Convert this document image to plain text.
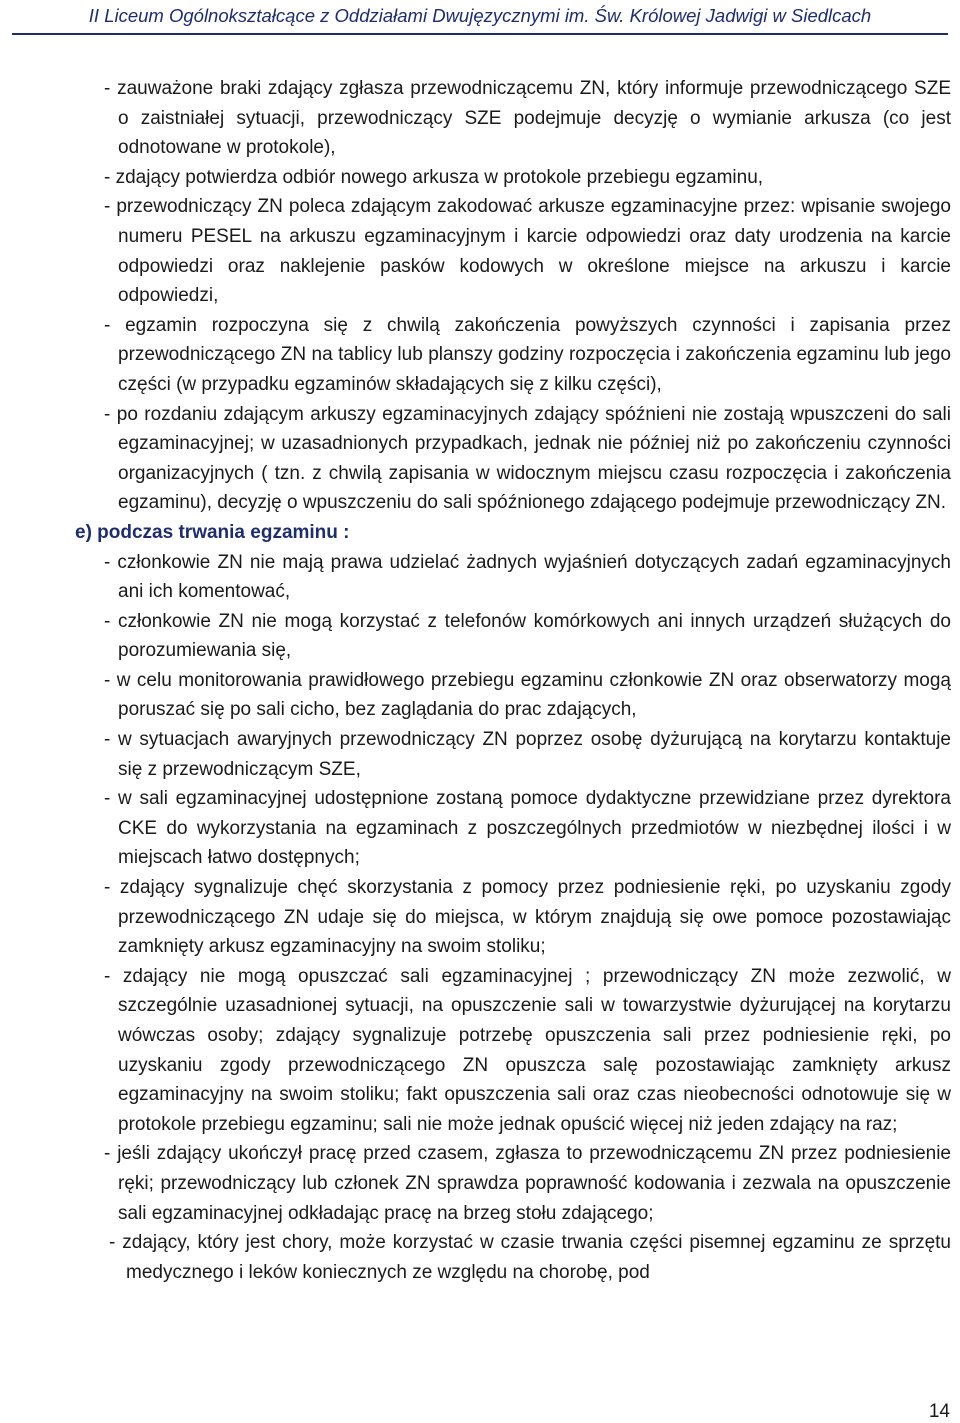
II Liceum Ogólnokształcące z Oddziałami Dwujęzycznymi im. Św. Królowej Jadwigi w Siedlcach
- zauważone braki zdający zgłasza przewodniczącemu ZN, który informuje przewodniczącego SZE o zaistniałej sytuacji, przewodniczący SZE podejmuje decyzję o wymianie arkusza (co jest odnotowane w protokole),
- zdający potwierdza odbiór nowego arkusza w protokole przebiegu egzaminu,
- przewodniczący ZN poleca zdającym zakodować arkusze egzaminacyjne przez: wpisanie swojego numeru PESEL na arkuszu egzaminacyjnym i karcie odpowiedzi oraz daty urodzenia na karcie odpowiedzi oraz naklejenie pasków kodowych w określone miejsce na arkuszu i karcie odpowiedzi,
- egzamin rozpoczyna się z chwilą zakończenia powyższych czynności i zapisania przez przewodniczącego ZN na tablicy lub planszy godziny rozpoczęcia i zakończenia egzaminu lub jego części (w przypadku egzaminów składających się z kilku części),
- po rozdaniu zdającym arkuszy egzaminacyjnych zdający spóźnieni nie zostają wpuszczeni do sali egzaminacyjnej; w uzasadnionych przypadkach, jednak nie później niż po zakończeniu czynności organizacyjnych ( tzn. z chwilą zapisania w widocznym miejscu czasu rozpoczęcia i zakończenia egzaminu), decyzję o wpuszczeniu do sali spóźnionego zdającego podejmuje przewodniczący ZN.
e) podczas trwania egzaminu :
- członkowie ZN nie mają prawa udzielać żadnych wyjaśnień dotyczących zadań egzaminacyjnych ani ich komentować,
- członkowie ZN nie mogą korzystać z telefonów komórkowych ani innych urządzeń służących do porozumiewania się,
- w celu monitorowania prawidłowego przebiegu egzaminu członkowie ZN oraz obserwatorzy mogą poruszać się po sali cicho, bez zaglądania do prac zdających,
- w sytuacjach awaryjnych przewodniczący ZN poprzez osobę dyżurującą na korytarzu kontaktuje się z przewodniczącym SZE,
- w sali egzaminacyjnej udostępnione zostaną pomoce dydaktyczne przewidziane przez dyrektora CKE do wykorzystania na egzaminach z poszczególnych przedmiotów w niezbędnej ilości i w miejscach łatwo dostępnych;
- zdający sygnalizuje chęć skorzystania z pomocy przez podniesienie ręki, po uzyskaniu zgody przewodniczącego ZN udaje się do miejsca, w którym znajdują się owe pomoce pozostawiając zamknięty arkusz egzaminacyjny na swoim stoliku;
- zdający nie mogą opuszczać sali egzaminacyjnej ; przewodniczący ZN może zezwolić, w szczególnie uzasadnionej sytuacji, na opuszczenie sali w towarzystwie dyżurującej na korytarzu wówczas osoby; zdający sygnalizuje potrzebę opuszczenia sali przez podniesienie ręki, po uzyskaniu zgody przewodniczącego ZN opuszcza salę pozostawiając zamknięty arkusz egzaminacyjny na swoim stoliku; fakt opuszczenia sali oraz czas nieobecności odnotowuje się w protokole przebiegu egzaminu; sali nie może jednak opuścić więcej niż jeden zdający na raz;
- jeśli zdający ukończył pracę przed czasem, zgłasza to przewodniczącemu ZN przez podniesienie ręki; przewodniczący lub członek ZN sprawdza poprawność kodowania i zezwala na opuszczenie sali egzaminacyjnej odkładając pracę na brzeg stołu zdającego;
- zdający, który jest chory, może korzystać w czasie trwania części pisemnej egzaminu ze sprzętu medycznego i leków koniecznych ze względu na chorobę, pod
14
